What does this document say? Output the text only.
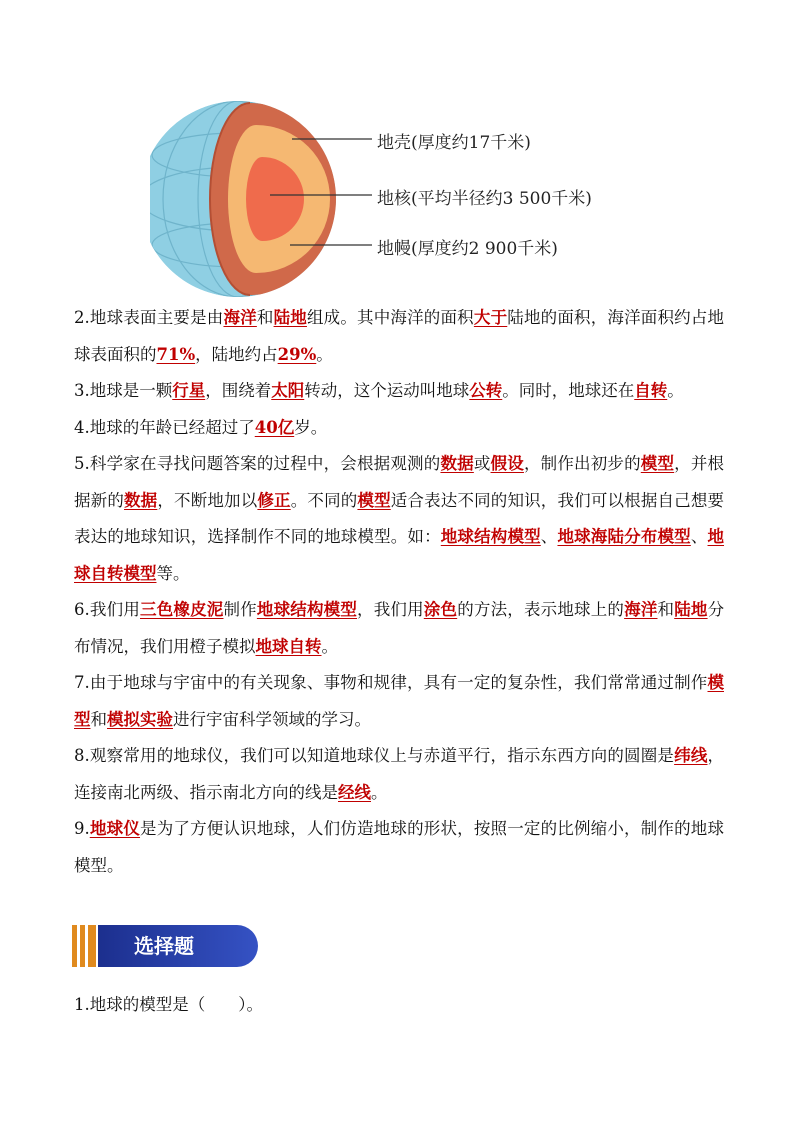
地壳(厚度约17千米)
地核(平均半径约3 500千米)
地幔(厚度约2 900千米)
2.地球表面主要是由海洋和陆地组成。其中海洋的面积大于陆地的面积，海洋面积约占地球表面积的71%，陆地约占29%。
3.地球是一颗行星，围绕着太阳转动，这个运动叫地球公转。同时，地球还在自转。
4.地球的年龄已经超过了40亿岁。
5.科学家在寻找问题答案的过程中，会根据观测的数据或假设，制作出初步的模型，并根据新的数据，不断地加以修正。不同的模型适合表达不同的知识，我们可以根据自己想要表达的地球知识，选择制作不同的地球模型。如：地球结构模型、地球海陆分布模型、地球自转模型等。
6.我们用三色橡皮泥制作地球结构模型，我们用涂色的方法，表示地球上的海洋和陆地分布情况，我们用橙子模拟地球自转。
7.由于地球与宇宙中的有关现象、事物和规律，具有一定的复杂性，我们常常通过制作模型和模拟实验进行宇宙科学领域的学习。
8.观察常用的地球仪，我们可以知道地球仪上与赤道平行，指示东西方向的圆圈是纬线，连接南北两级、指示南北方向的线是经线。
9.地球仪是为了方便认识地球，人们仿造地球的形状，按照一定的比例缩小，制作的地球模型。
选择题
1.地球的模型是（　　）。
